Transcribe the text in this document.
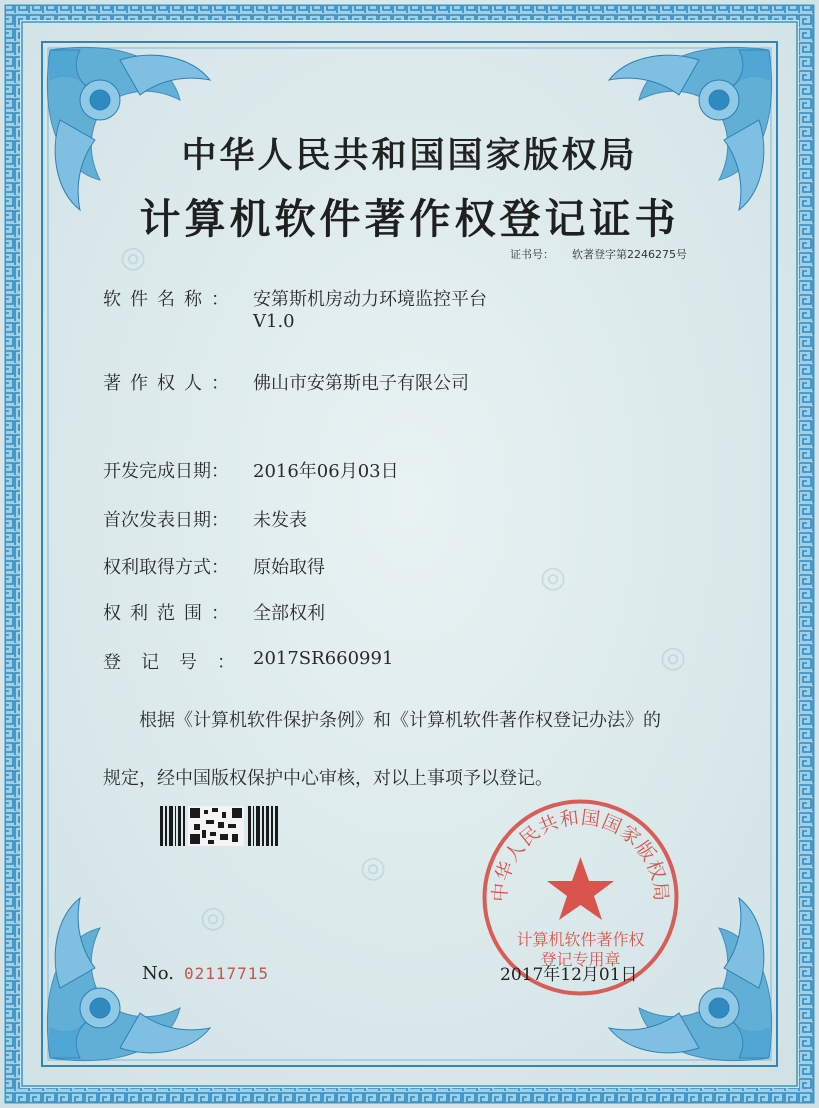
◎
◎
◎
◎
◎
中华人民共和国国家版权局
计算机软件著作权登记证书
证书号： 软著登字第2246275号
软件名称： 安第斯机房动力环境监控平台
V1.0
著作权人： 佛山市安第斯电子有限公司
开发完成日期： 2016年06月03日
首次发表日期： 未发表
权利取得方式： 原始取得
权利范围： 全部权利
登记号：
2017SR660991
根据《计算机软件保护条例》和《计算机软件著作权登记办法》的
规定，经中国版权保护中心审核，对以上事项予以登记。
中华人民共和国国家版权局
计算机软件著作权
登记专用章
No. 02117715	2017年12月01日
